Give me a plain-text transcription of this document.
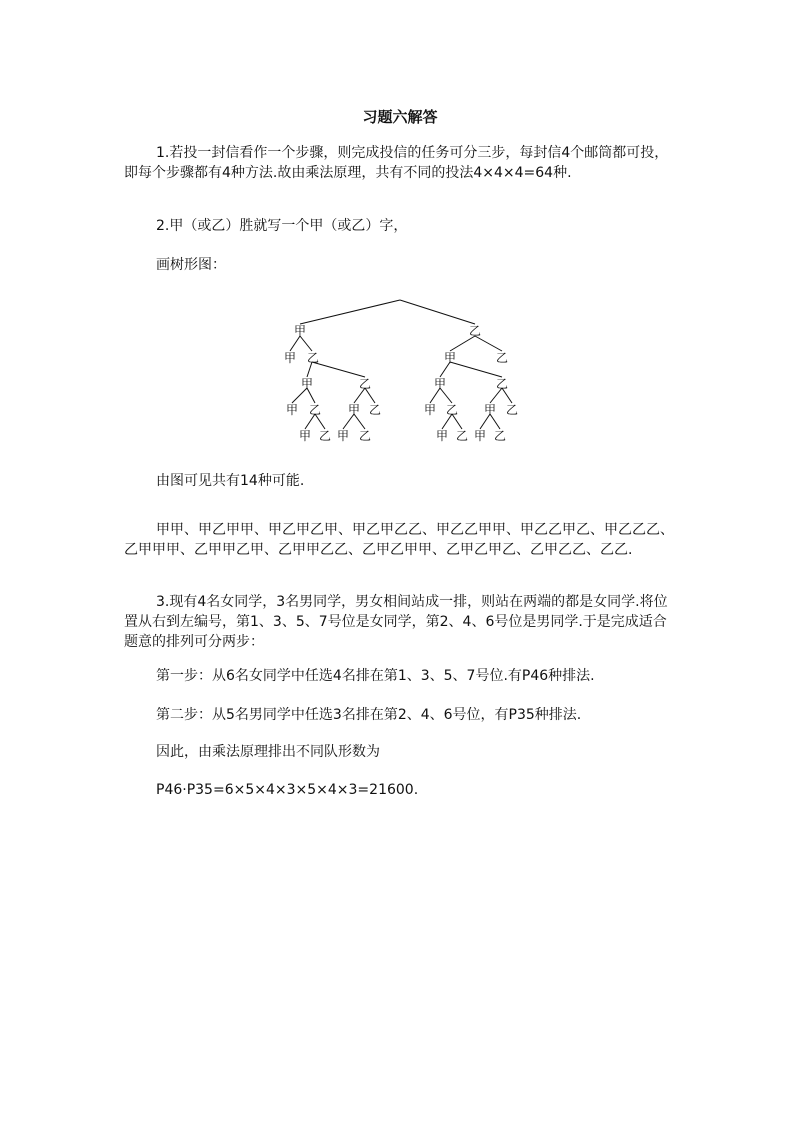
习题六解答

1.若投一封信看作一个步骤，则完成投信的任务可分三步，每封信4个邮筒都可投，即每个步骤都有4种方法.故由乘法原理，共有不同的投法4×4×4=64种.

2.甲（或乙）胜就写一个甲（或乙）字，

画树形图：

甲	乙
甲 乙
甲	乙
甲 乙 甲 乙
甲 乙 甲 乙
甲	乙
甲	乙
甲 乙 甲 乙
甲 乙 甲 乙

由图可见共有14种可能.

甲甲、甲乙甲甲、甲乙甲乙甲、甲乙甲乙乙、甲乙乙甲甲、甲乙乙甲乙、甲乙乙乙、乙甲甲甲、乙甲甲乙甲、乙甲甲乙乙、乙甲乙甲甲、乙甲乙甲乙、乙甲乙乙、乙乙.

3.现有4名女同学，3名男同学，男女相间站成一排，则站在两端的都是女同学.将位置从右到左编号，第1、3、5、7号位是女同学，第2、4、6号位是男同学.于是完成适合题意的排列可分两步：

第一步：从6名女同学中任选4名排在第1、3、5、7号位.有P46种排法.

第二步：从5名男同学中任选3名排在第2、4、6号位，有P35种排法.

因此，由乘法原理排出不同队形数为

P46·P35=6×5×4×3×5×4×3=21600.
